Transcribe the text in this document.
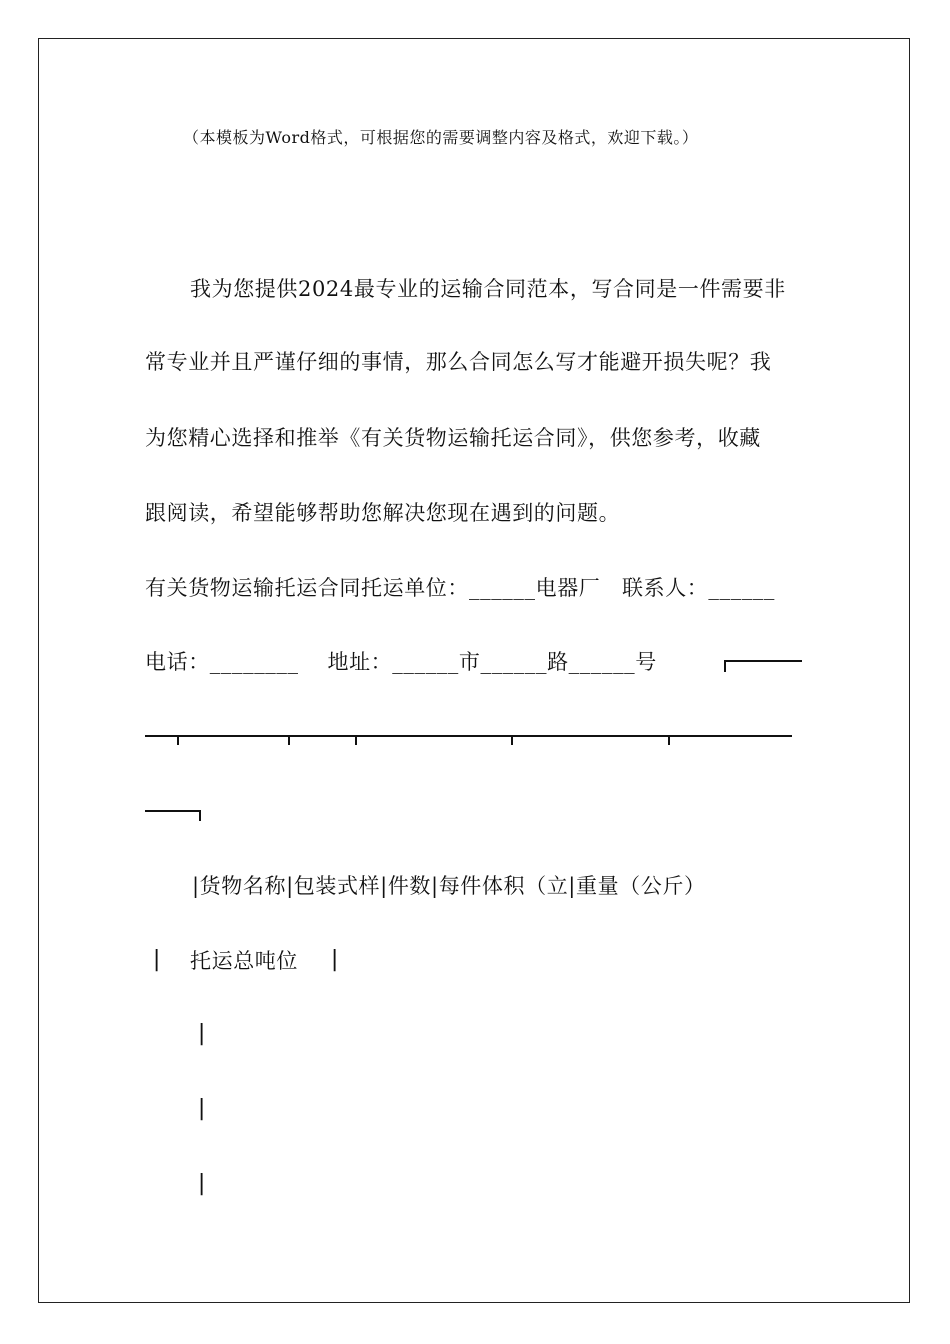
（本模板为Word格式，可根据您的需要调整内容及格式，欢迎下载。）
我为您提供2024最专业的运输合同范本，写合同是一件需要非
常专业并且严谨仔细的事情，那么合同怎么写才能避开损失呢？我
为您精心选择和推举《有关货物运输托运合同》，供您参考，收藏
跟阅读，希望能够帮助您解决您现在遇到的问题。
有关货物运输托运合同托运单位：______电器厂　联系人：______
电话：________　 地址：______市______路______号
|货物名称|包装式样|件数|每件体积（立|重量（公斤）
| 托运总吨位 |
|
|
|
